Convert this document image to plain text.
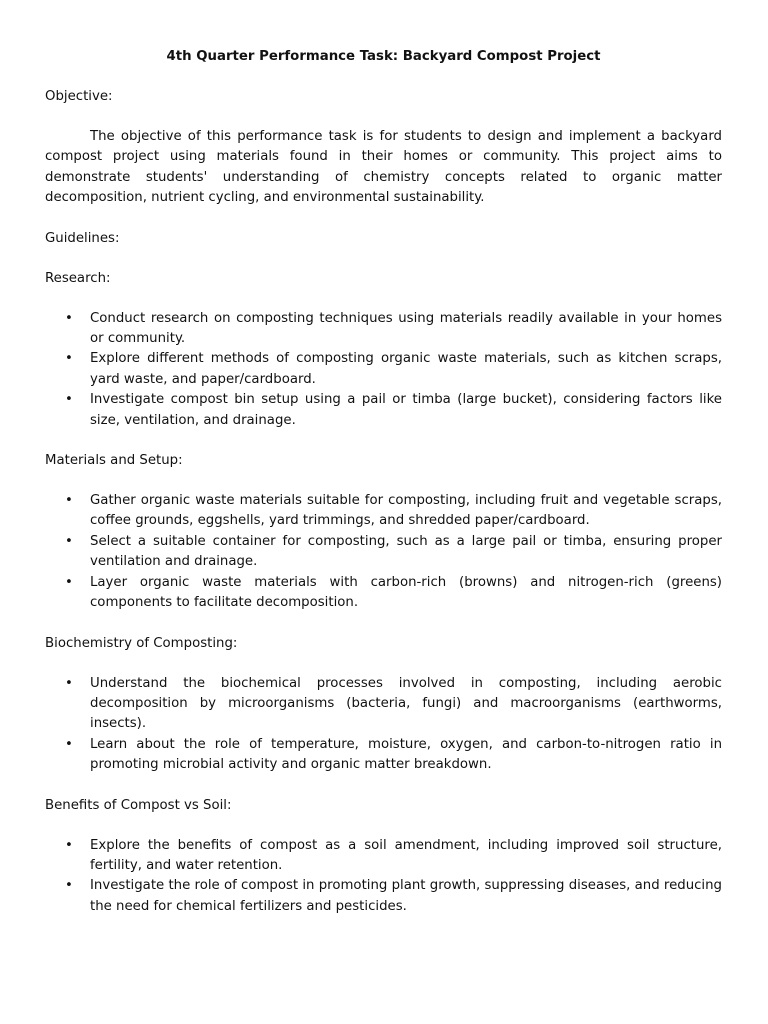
4th Quarter Performance Task: Backyard Compost Project
Objective:
The objective of this performance task is for students to design and implement a backyard compost project using materials found in their homes or community. This project aims to demonstrate students' understanding of chemistry concepts related to organic matter decomposition, nutrient cycling, and environmental sustainability.
Guidelines:
Research:
• Conduct research on composting techniques using materials readily available in your homes or community.
• Explore different methods of composting organic waste materials, such as kitchen scraps, yard waste, and paper/cardboard.
• Investigate compost bin setup using a pail or timba (large bucket), considering factors like size, ventilation, and drainage.
Materials and Setup:
• Gather organic waste materials suitable for composting, including fruit and vegetable scraps, coffee grounds, eggshells, yard trimmings, and shredded paper/cardboard.
• Select a suitable container for composting, such as a large pail or timba, ensuring proper ventilation and drainage.
• Layer organic waste materials with carbon-rich (browns) and nitrogen-rich (greens) components to facilitate decomposition.
Biochemistry of Composting:
• Understand the biochemical processes involved in composting, including aerobic decomposition by microorganisms (bacteria, fungi) and macroorganisms (earthworms, insects).
• Learn about the role of temperature, moisture, oxygen, and carbon-to-nitrogen ratio in promoting microbial activity and organic matter breakdown.
Benefits of Compost vs Soil:
• Explore the benefits of compost as a soil amendment, including improved soil structure, fertility, and water retention.
• Investigate the role of compost in promoting plant growth, suppressing diseases, and reducing the need for chemical fertilizers and pesticides.
